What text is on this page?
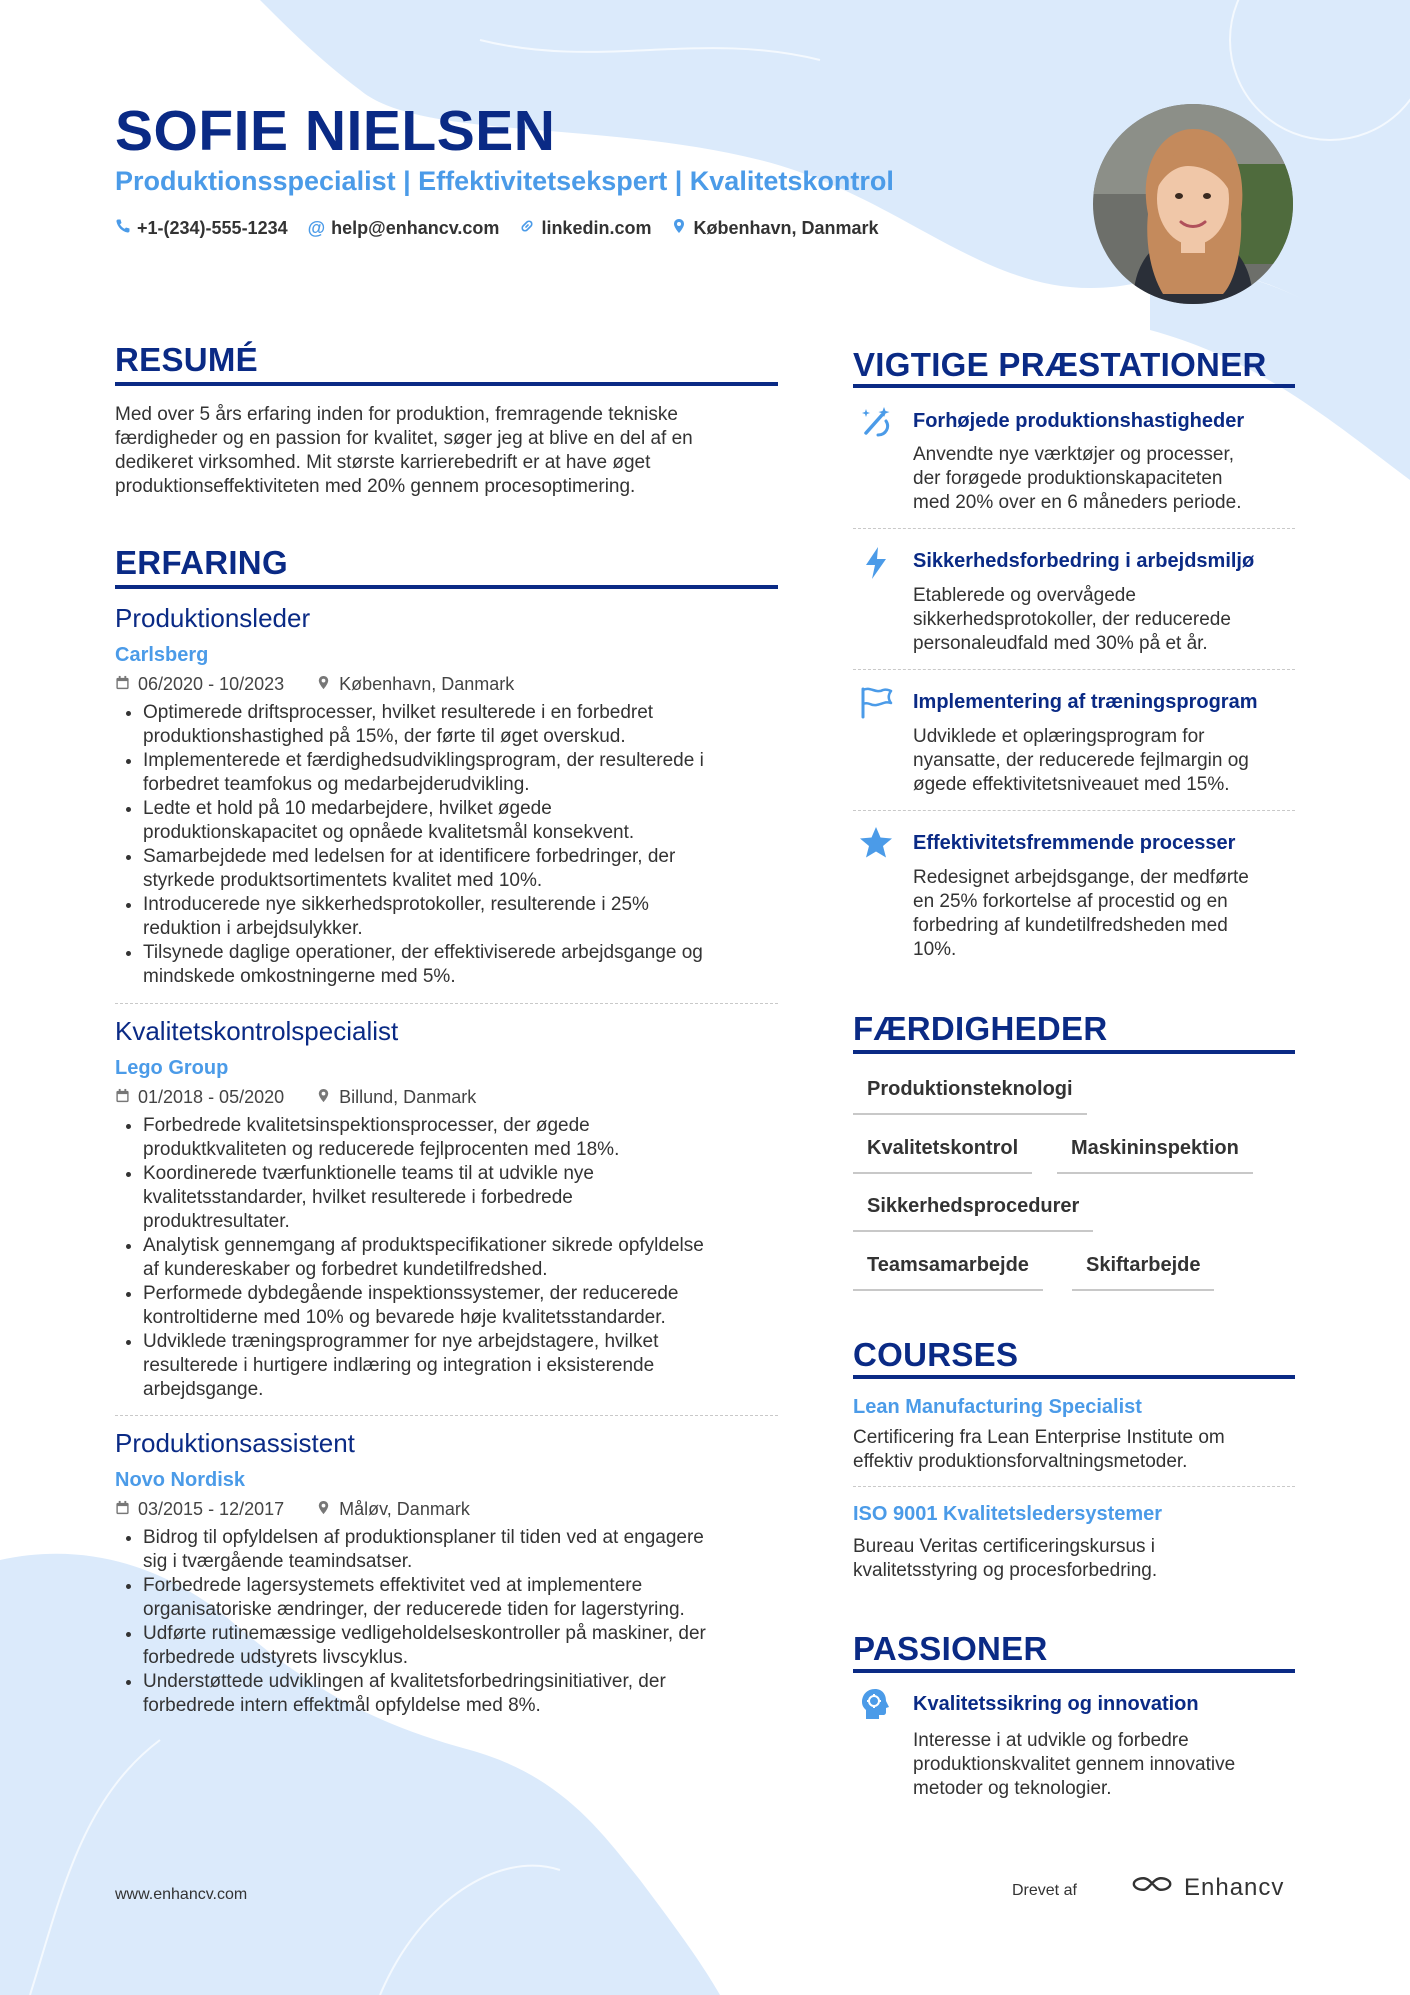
SOFIE NIELSEN
Produktionsspecialist | Effektivitetsekspert | Kvalitetskontrol
+1-(234)-555-1234 @ help@enhancv.com linkedin.com København, Danmark
RESUMÉ
Med over 5 års erfaring inden for produktion, fremragende tekniske
færdigheder og en passion for kvalitet, søger jeg at blive en del af en
dedikeret virksomhed. Mit største karrierebedrift er at have øget
produktionseffektiviteten med 20% gennem procesoptimering.
ERFARING
Produktionsleder
Carlsberg
06/2020 - 10/2023	København, Danmark
• Optimerede driftsprocesser, hvilket resulterede i en forbedret
produktionshastighed på 15%, der førte til øget overskud.
• Implementerede et færdighedsudviklingsprogram, der resulterede i
forbedret teamfokus og medarbejderudvikling.
• Ledte et hold på 10 medarbejdere, hvilket øgede
produktionskapacitet og opnåede kvalitetsmål konsekvent.
• Samarbejdede med ledelsen for at identificere forbedringer, der
styrkede produktsortimentets kvalitet med 10%.
• Introducerede nye sikkerhedsprotokoller, resulterende i 25%
reduktion i arbejdsulykker.
• Tilsynede daglige operationer, der effektiviserede arbejdsgange og
mindskede omkostningerne med 5%.
Kvalitetskontrolspecialist
Lego Group
01/2018 - 05/2020	Billund, Danmark
• Forbedrede kvalitetsinspektionsprocesser, der øgede
produktkvaliteten og reducerede fejlprocenten med 18%.
• Koordinerede tværfunktionelle teams til at udvikle nye
kvalitetsstandarder, hvilket resulterede i forbedrede
produktresultater.
• Analytisk gennemgang af produktspecifikationer sikrede opfyldelse
af kundereskaber og forbedret kundetilfredshed.
• Performede dybdegående inspektionssystemer, der reducerede
kontroltiderne med 10% og bevarede høje kvalitetsstandarder.
• Udviklede træningsprogrammer for nye arbejdstagere, hvilket
resulterede i hurtigere indlæring og integration i eksisterende
arbejdsgange.
Produktionsassistent
Novo Nordisk
03/2015 - 12/2017	Måløv, Danmark
• Bidrog til opfyldelsen af produktionsplaner til tiden ved at engagere
sig i tværgående teamindsatser.
• Forbedrede lagersystemets effektivitet ved at implementere
organisatoriske ændringer, der reducerede tiden for lagerstyring.
• Udførte rutinemæssige vedligeholdelseskontroller på maskiner, der
forbedrede udstyrets livscyklus.
• Understøttede udviklingen af kvalitetsforbedringsinitiativer, der
forbedrede intern effektmål opfyldelse med 8%.
VIGTIGE PRÆSTATIONER
Forhøjede produktionshastigheder
Anvendte nye værktøjer og processer,
der forøgede produktionskapaciteten
med 20% over en 6 måneders periode.
Sikkerhedsforbedring i arbejdsmiljø
Etablerede og overvågede
sikkerhedsprotokoller, der reducerede
personaleudfald med 30% på et år.
Implementering af træningsprogram
Udviklede et oplæringsprogram for
nyansatte, der reducerede fejlmargin og
øgede effektivitetsniveauet med 15%.
Effektivitetsfremmende processer
Redesignet arbejdsgange, der medførte
en 25% forkortelse af procestid og en
forbedring af kundetilfredsheden med
10%.
FÆRDIGHEDER
Produktionsteknologi
Kvalitetskontrol	Maskininspektion
Sikkerhedsprocedurer
Teamsamarbejde	Skiftarbejde
COURSES
Lean Manufacturing Specialist
Certificering fra Lean Enterprise Institute om
effektiv produktionsforvaltningsmetoder.
ISO 9001 Kvalitetsledersystemer
Bureau Veritas certificeringskursus i
kvalitetsstyring og procesforbedring.
PASSIONER
Kvalitetssikring og innovation
Interesse i at udvikle og forbedre
produktionskvalitet gennem innovative
metoder og teknologier.
www.enhancv.com	Drevet af	Enhancv
